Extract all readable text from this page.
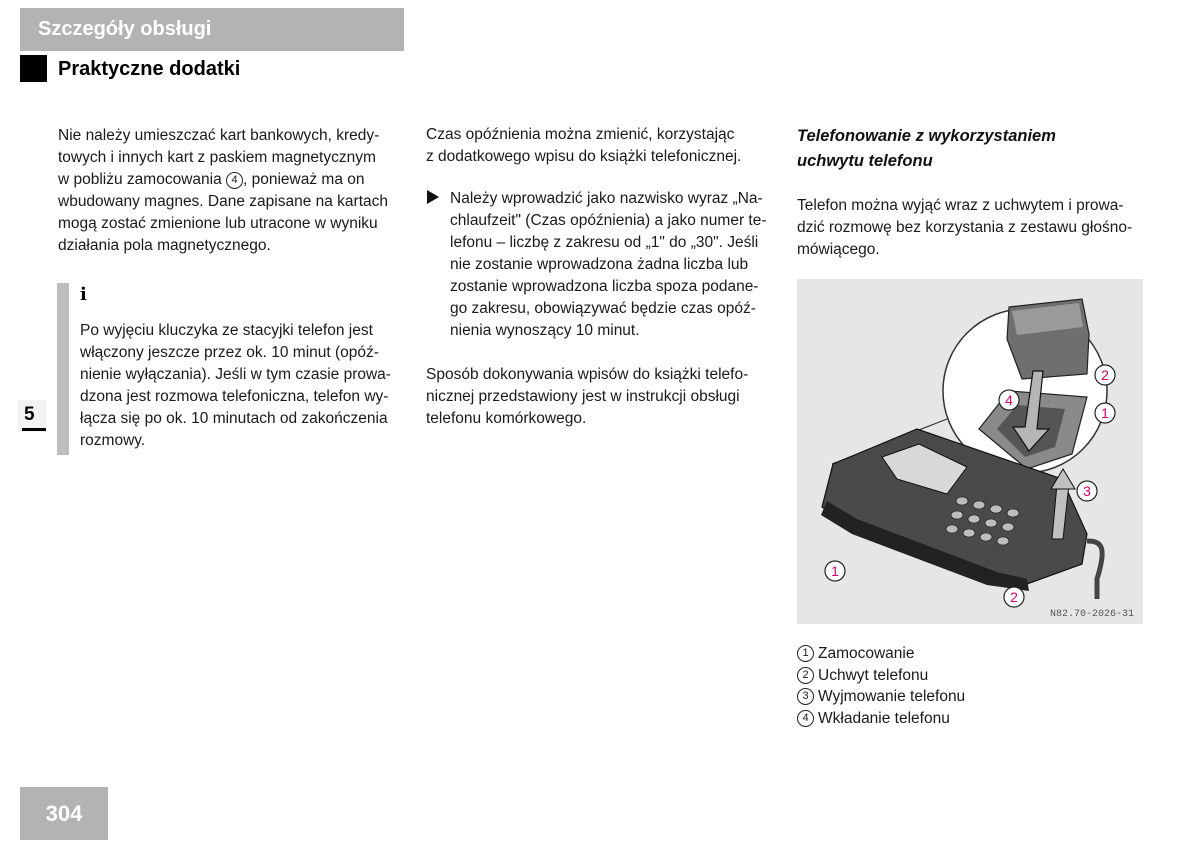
Szczegóły obsługi
Praktyczne dodatki

Nie należy umieszczać kart bankowych, kredy-
towych i innych kart z paskiem magnetycznym
w pobliżu zamocowania 4 , ponieważ ma on
wbudowany magnes. Dane zapisane na kartach
mogą zostać zmienione lub utracone w wyniku
działania pola magnetycznego.

i

Po wyjęciu kluczyka ze stacyjki telefon jest
włączony jeszcze przez ok. 10 minut (opóź-
nienie wyłączania). Jeśli w tym czasie prowa-
dzona jest rozmowa telefoniczna, telefon wy-
łącza się po ok. 10 minutach od zakończenia
rozmowy.

5

Czas opóźnienia można zmienić, korzystając
z dodatkowego wpisu do książki telefonicznej.

Należy wprowadzić jako nazwisko wyraz „Na-
chlaufzeit" (Czas opóźnienia) a jako numer te-
lefonu – liczbę z zakresu od „1" do „30". Jeśli
nie zostanie wprowadzona żadna liczba lub
zostanie wprowadzona liczba spoza podane-
go zakresu, obowiązywać będzie czas opóź-
nienia wynoszący 10 minut.

Sposób dokonywania wpisów do książki telefo-
nicznej przedstawiony jest w instrukcji obsługi
telefonu komórkowego.

Telefonowanie z wykorzystaniem
uchwytu telefonu

Telefon można wyjąć wraz z uchwytem i prowa-
dzić rozmowę bez korzystania z zestawu głośno-
mówiącego.

2
1
4
3
1
2
N82.70-2026-31
1 Zamocowanie
2 Uchwyt telefonu
3 Wyjmowanie telefonu
4 Wkładanie telefonu
304
